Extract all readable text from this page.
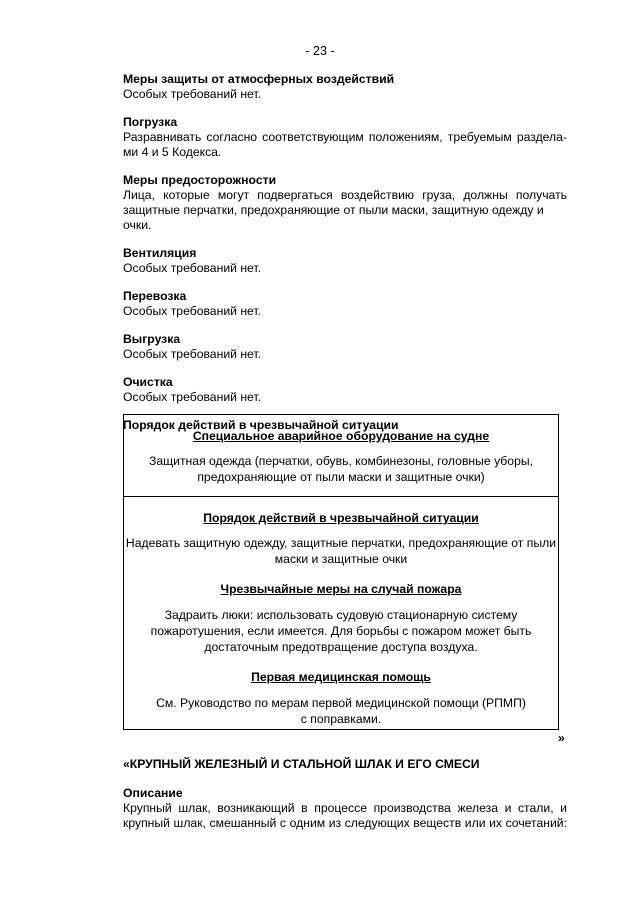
- 23 -
Меры защиты от атмосферных воздействий
Особых требований нет.
Погрузка
Разравнивать согласно соответствующим положениям, требуемым раздела-
ми 4 и 5 Кодекса.
Меры предосторожности
Лица, которые могут подвергаться воздействию груза, должны получать
защитные перчатки, предохраняющие от пыли маски, защитную одежду и очки.
Вентиляция
Особых требований нет.
Перевозка
Особых требований нет.
Выгрузка
Особых требований нет.
Очистка
Особых требований нет.
Порядок действий в чрезвычайной ситуации
Специальное аварийное оборудование на судне
Защитная одежда (перчатки, обувь, комбинезоны, головные уборы,
предохраняющие от пыли маски и защитные очки)
Порядок действий в чрезвычайной ситуации
Надевать защитную одежду, защитные перчатки, предохраняющие от пыли
маски и защитные очки
Чрезвычайные меры на случай пожара
Задраить люки: использовать судовую стационарную систему
пожаротушения, если имеется. Для борьбы с пожаром может быть
достаточным предотвращение доступа воздуха.
Первая медицинская помощь
См. Руководство по мерам первой медицинской помощи (РПМП)
с поправками.
»
«КРУПНЫЙ ЖЕЛЕЗНЫЙ И СТАЛЬНОЙ ШЛАК И ЕГО СМЕСИ
Описание
Крупный шлак, возникающий в процессе производства железа и стали, и
крупный шлак, смешанный с одним из следующих веществ или их сочетаний:
